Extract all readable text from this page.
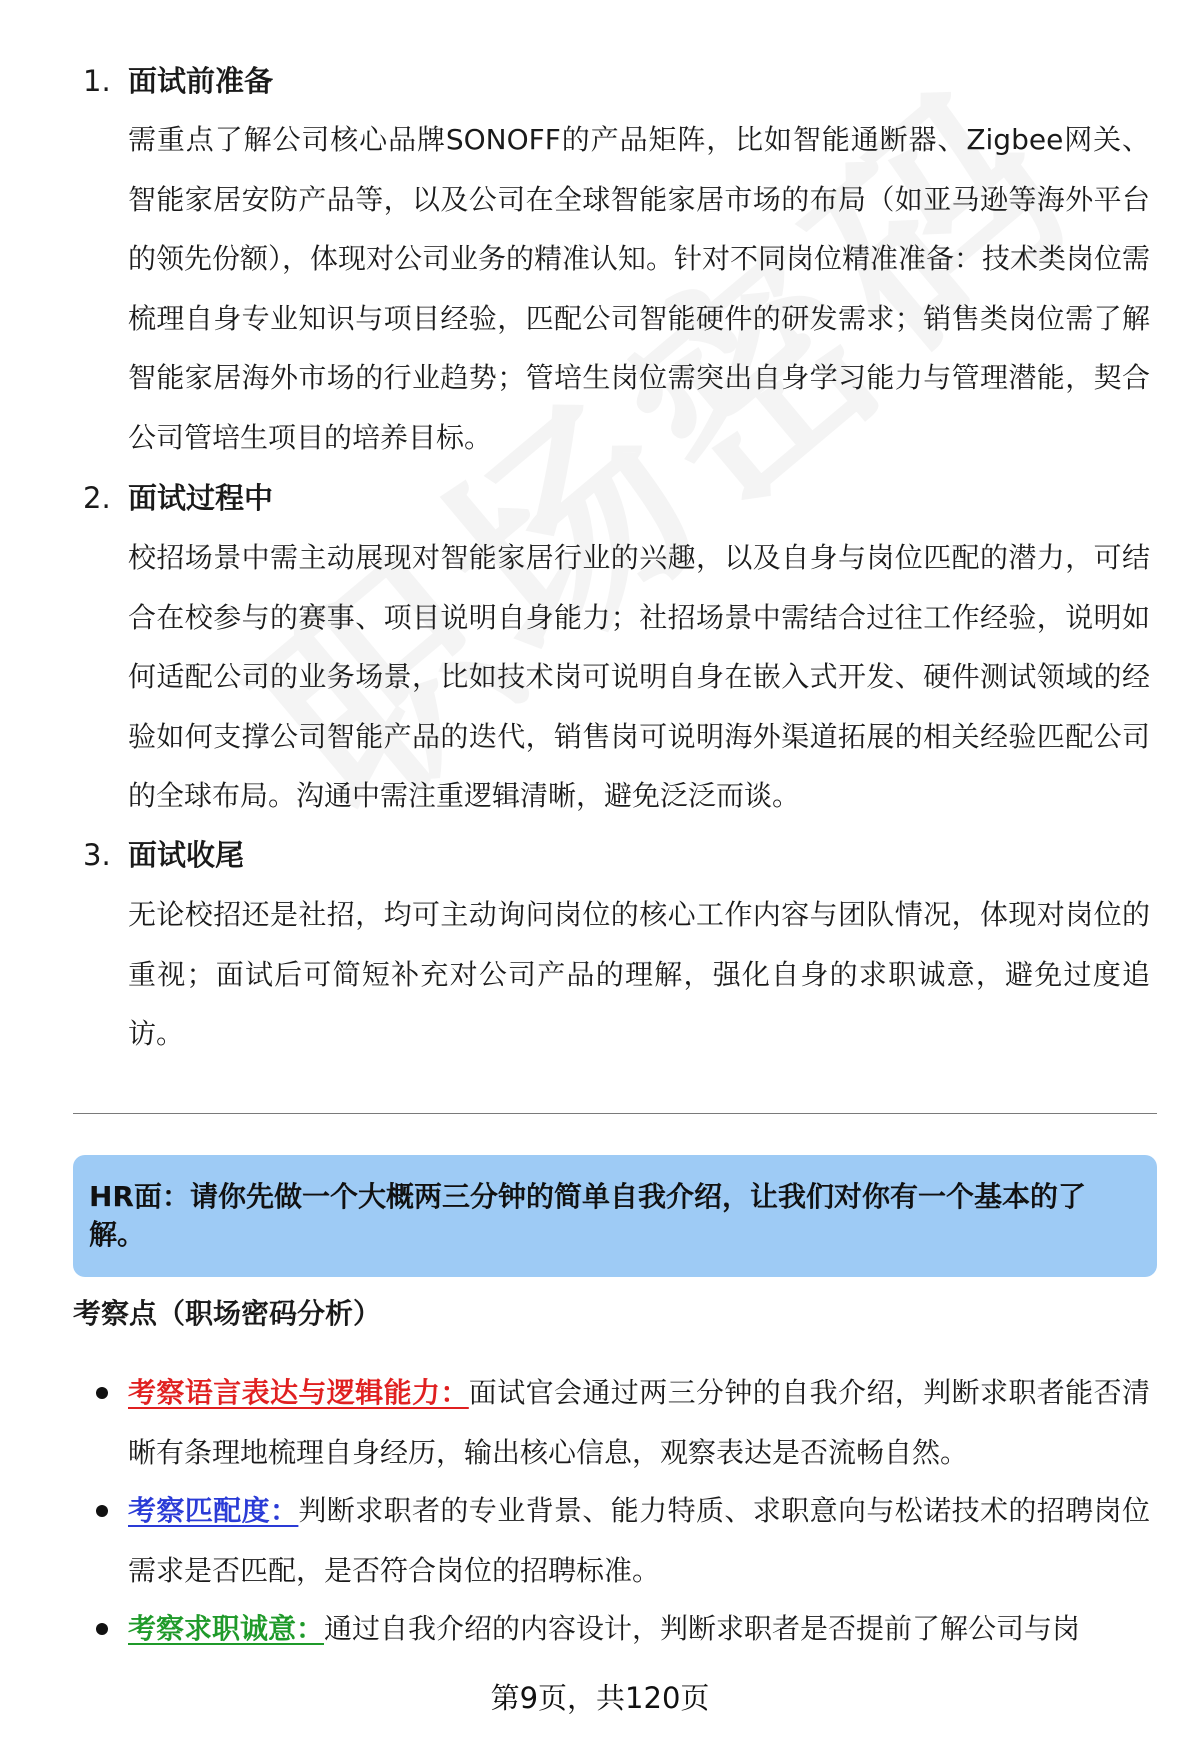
1. 面试前准备
需重点了解公司核心品牌SONOFF的产品矩阵，比如智能通断器、Zigbee网关、智能家居安防产品等，以及公司在全球智能家居市场的布局（如亚马逊等海外平台的领先份额），体现对公司业务的精准认知。针对不同岗位精准准备：技术类岗位需梳理自身专业知识与项目经验，匹配公司智能硬件的研发需求；销售类岗位需了解智能家居海外市场的行业趋势；管培生岗位需突出自身学习能力与管理潜能，契合公司管培生项目的培养目标。
2. 面试过程中
校招场景中需主动展现对智能家居行业的兴趣，以及自身与岗位匹配的潜力，可结合在校参与的赛事、项目说明自身能力；社招场景中需结合过往工作经验，说明如何适配公司的业务场景，比如技术岗可说明自身在嵌入式开发、硬件测试领域的经验如何支撑公司智能产品的迭代，销售岗可说明海外渠道拓展的相关经验匹配公司的全球布局。沟通中需注重逻辑清晰，避免泛泛而谈。
3. 面试收尾
无论校招还是社招，均可主动询问岗位的核心工作内容与团队情况，体现对岗位的重视；面试后可简短补充对公司产品的理解，强化自身的求职诚意，避免过度追访。
HR面：请你先做一个大概两三分钟的简单自我介绍，让我们对你有一个基本的了解。
考察点（职场密码分析）
考察语言表达与逻辑能力：面试官会通过两三分钟的自我介绍，判断求职者能否清晰有条理地梳理自身经历，输出核心信息，观察表达是否流畅自然。
考察匹配度：判断求职者的专业背景、能力特质、求职意向与松诺技术的招聘岗位需求是否匹配，是否符合岗位的招聘标准。
考察求职诚意：通过自我介绍的内容设计，判断求职者是否提前了解公司与岗
第9页，共120页
